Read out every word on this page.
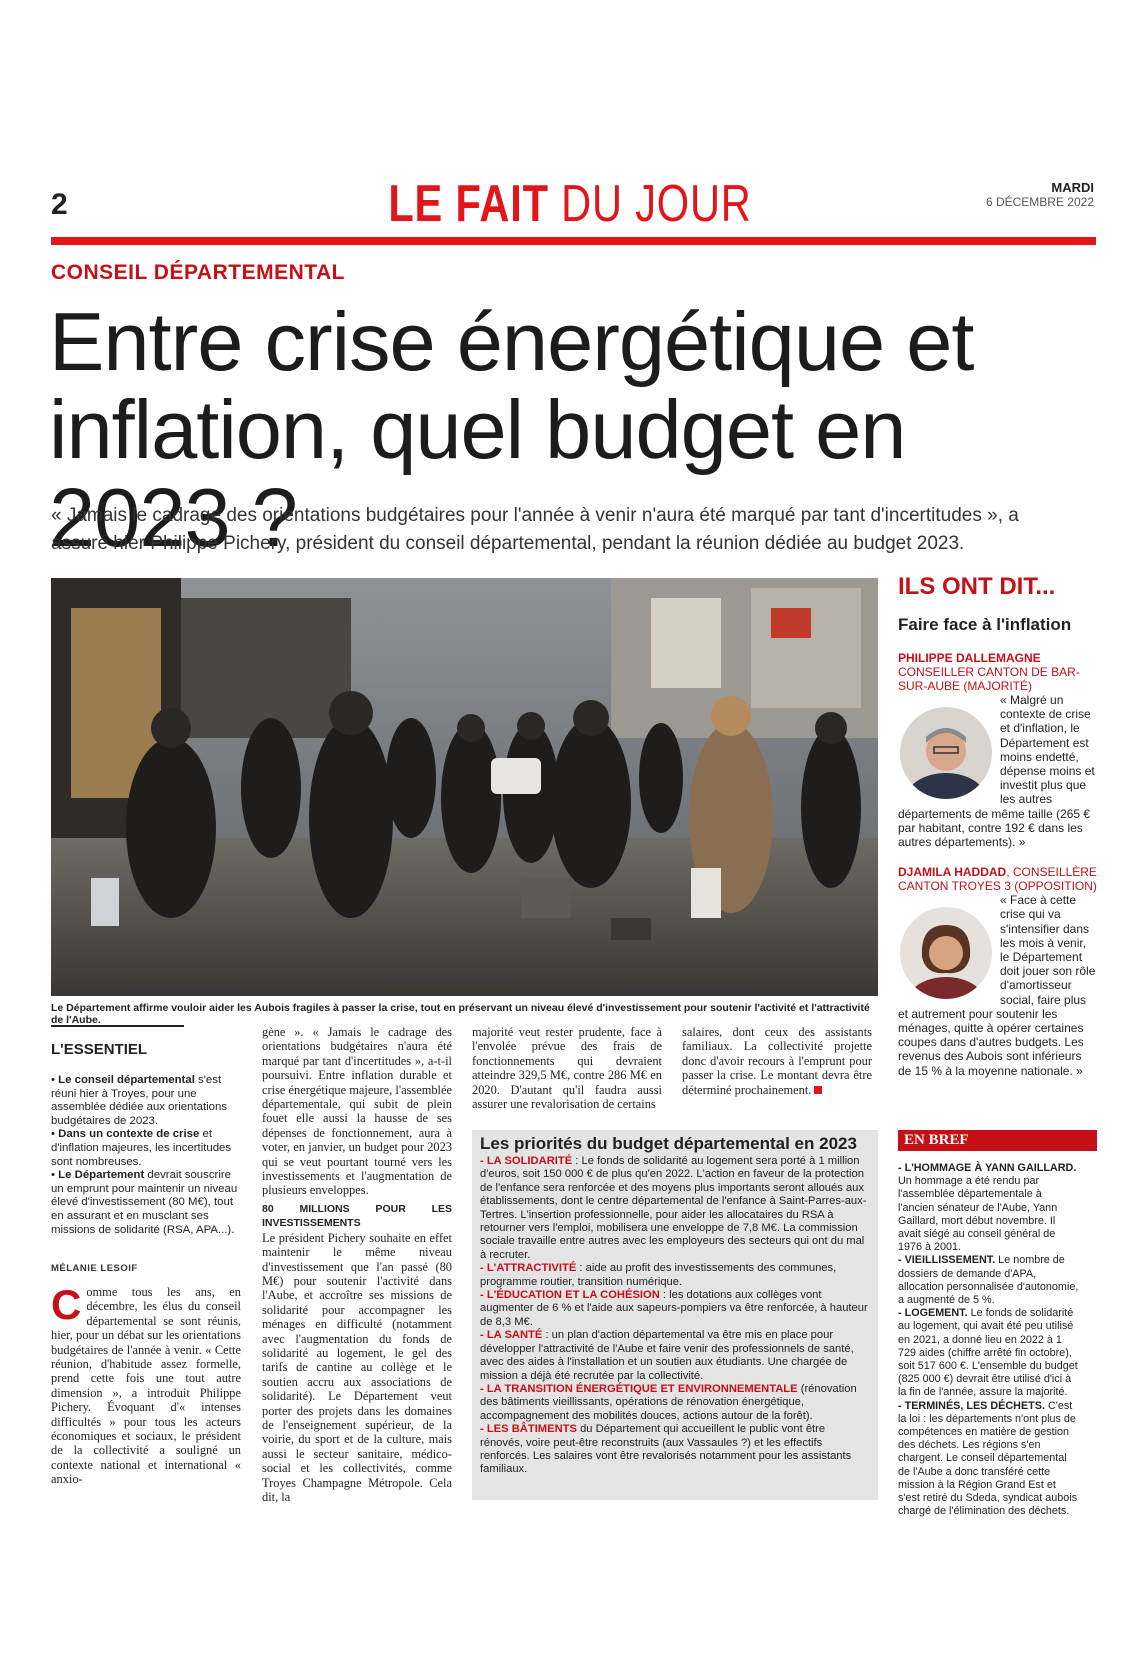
2	LE FAIT DU JOUR	MARDI
6 DÉCEMBRE 2022
CONSEIL DÉPARTEMENTAL
Entre crise énergétique et inflation, quel budget en 2023 ?
« Jamais le cadrage des orientations budgétaires pour l'année à venir n'aura été marqué par tant d'incertitudes », a assuré hier Philippe Pichery, président du conseil départemental, pendant la réunion dédiée au budget 2023.
Le Département affirme vouloir aider les Aubois fragiles à passer la crise, tout en préservant un niveau élevé d'investissement pour soutenir l'activité et l'attractivité de l'Aube.
ILS ONT DIT...
Faire face à l'inflation
PHILIPPE DALLEMAGNE
CONSEILLER CANTON DE BAR-SUR-AUBE (MAJORITÉ)
« Malgré un contexte de crise et d'inflation, le Département est moins endetté, dépense moins et investit plus que les autres départements de même taille (265 € par habitant, contre 192 € dans les autres départements). »
DJAMILA HADDAD, CONSEILLÈRE CANTON TROYES 3 (OPPOSITION)
« Face à cette crise qui va s'intensifier dans les mois à venir, le Département doit jouer son rôle d'amortisseur social, faire plus et autrement pour soutenir les ménages, quitte à opérer certaines coupes dans d'autres budgets. Les revenus des Aubois sont inférieurs de 15 % à la moyenne nationale. »
L'ESSENTIEL
• Le conseil départemental s'est réuni hier à Troyes, pour une assemblée dédiée aux orientations budgétaires de 2023.
• Dans un contexte de crise et d'inflation majeures, les incertitudes sont nombreuses.
• Le Département devrait souscrire un emprunt pour maintenir un niveau élevé d'investissement (80 M€), tout en assurant et en musclant ses missions de solidarité (RSA, APA...).
MÉLANIE LESOIF
Comme tous les ans, en décembre, les élus du conseil départemental se sont réunis, hier, pour un débat sur les orientations budgétaires de l'année à venir. « Cette réunion, d'habitude assez formelle, prend cette fois une tout autre dimension », a introduit Philippe Pichery. Évoquant d'« intenses difficultés » pour tous les acteurs économiques et sociaux, le président de la collectivité a souligné un contexte national et international « anxio-
gène ». « Jamais le cadrage des orientations budgétaires n'aura été marqué par tant d'incertitudes », a-t-il poursuivi. Entre inflation durable et crise énergétique majeure, l'assemblée départementale, qui subit de plein fouet elle aussi la hausse de ses dépenses de fonctionnement, aura à voter, en janvier, un budget pour 2023 qui se veut pourtant tourné vers les investissements et l'augmentation de plusieurs enveloppes.
80 MILLIONS POUR LES INVESTISSEMENTS
Le président Pichery souhaite en effet maintenir le même niveau d'investissement que l'an passé (80 M€) pour soutenir l'activité dans l'Aube, et accroître ses missions de solidarité pour accompagner les ménages en difficulté (notamment avec l'augmentation du fonds de solidarité au logement, le gel des tarifs de cantine au collège et le soutien accru aux associations de solidarité). Le Département veut porter des projets dans les domaines de l'enseignement supérieur, de la voirie, du sport et de la culture, mais aussi le secteur sanitaire, médico-social et les collectivités, comme Troyes Champagne Métropole. Cela dit, la
majorité veut rester prudente, face à l'envolée prévue des frais de fonctionnements qui devraient atteindre 329,5 M€, contre 286 M€ en 2020. D'autant qu'il faudra aussi assurer une revalorisation de certains
salaires, dont ceux des assistants familiaux. La collectivité projette donc d'avoir recours à l'emprunt pour passer la crise. Le montant devra être déterminé prochainement.
Les priorités du budget départemental en 2023
- LA SOLIDARITÉ : Le fonds de solidarité au logement sera porté à 1 million d'euros, soit 150 000 € de plus qu'en 2022. L'action en faveur de la protection de l'enfance sera renforcée et des moyens plus importants seront alloués aux établissements, dont le centre départemental de l'enfance à Saint-Parres-aux-Tertres. L'insertion professionnelle, pour aider les allocataires du RSA à retourner vers l'emploi, mobilisera une enveloppe de 7,8 M€. La commission sociale travaille entre autres avec les employeurs des secteurs qui ont du mal à recruter.
- L'ATTRACTIVITÉ : aide au profit des investissements des communes, programme routier, transition numérique.
- L'ÉDUCATION ET LA COHÉSION : les dotations aux collèges vont augmenter de 6 % et l'aide aux sapeurs-pompiers va être renforcée, à hauteur de 8,3 M€.
- LA SANTÉ : un plan d'action départemental va être mis en place pour développer l'attractivité de l'Aube et faire venir des professionnels de santé, avec des aides à l'installation et un soutien aux étudiants. Une chargée de mission a déjà été recrutée par la collectivité.
- LA TRANSITION ÉNERGÉTIQUE ET ENVIRONNEMENTALE (rénovation des bâtiments vieillissants, opérations de rénovation énergétique, accompagnement des mobilités douces, actions autour de la forêt).
- LES BÂTIMENTS du Département qui accueillent le public vont être rénovés, voire peut-être reconstruits (aux Vassaules ?) et les effectifs renforcés. Les salaires vont être revalorisés notamment pour les assistants familiaux.
EN BREF
- L'HOMMAGE À YANN GAILLARD. Un hommage a été rendu par l'assemblée départementale à l'ancien sénateur de l'Aube, Yann Gaillard, mort début novembre. Il avait siégé au conseil général de 1976 à 2001.
- VIEILLISSEMENT. Le nombre de dossiers de demande d'APA, allocation personnalisée d'autonomie, a augmenté de 5 %.
- LOGEMENT. Le fonds de solidarité au logement, qui avait été peu utilisé en 2021, a donné lieu en 2022 à 1 729 aides (chiffre arrêté fin octobre), soit 517 600 €. L'ensemble du budget (825 000 €) devrait être utilisé d'ici à la fin de l'année, assure la majorité.
- TERMINÉS, LES DÉCHETS. C'est la loi : les départements n'ont plus de compétences en matière de gestion des déchets. Les régions s'en chargent. Le conseil départemental de l'Aube a donc transféré cette mission à la Région Grand Est et s'est retiré du Sdeda, syndicat aubois chargé de l'élimination des déchets.
